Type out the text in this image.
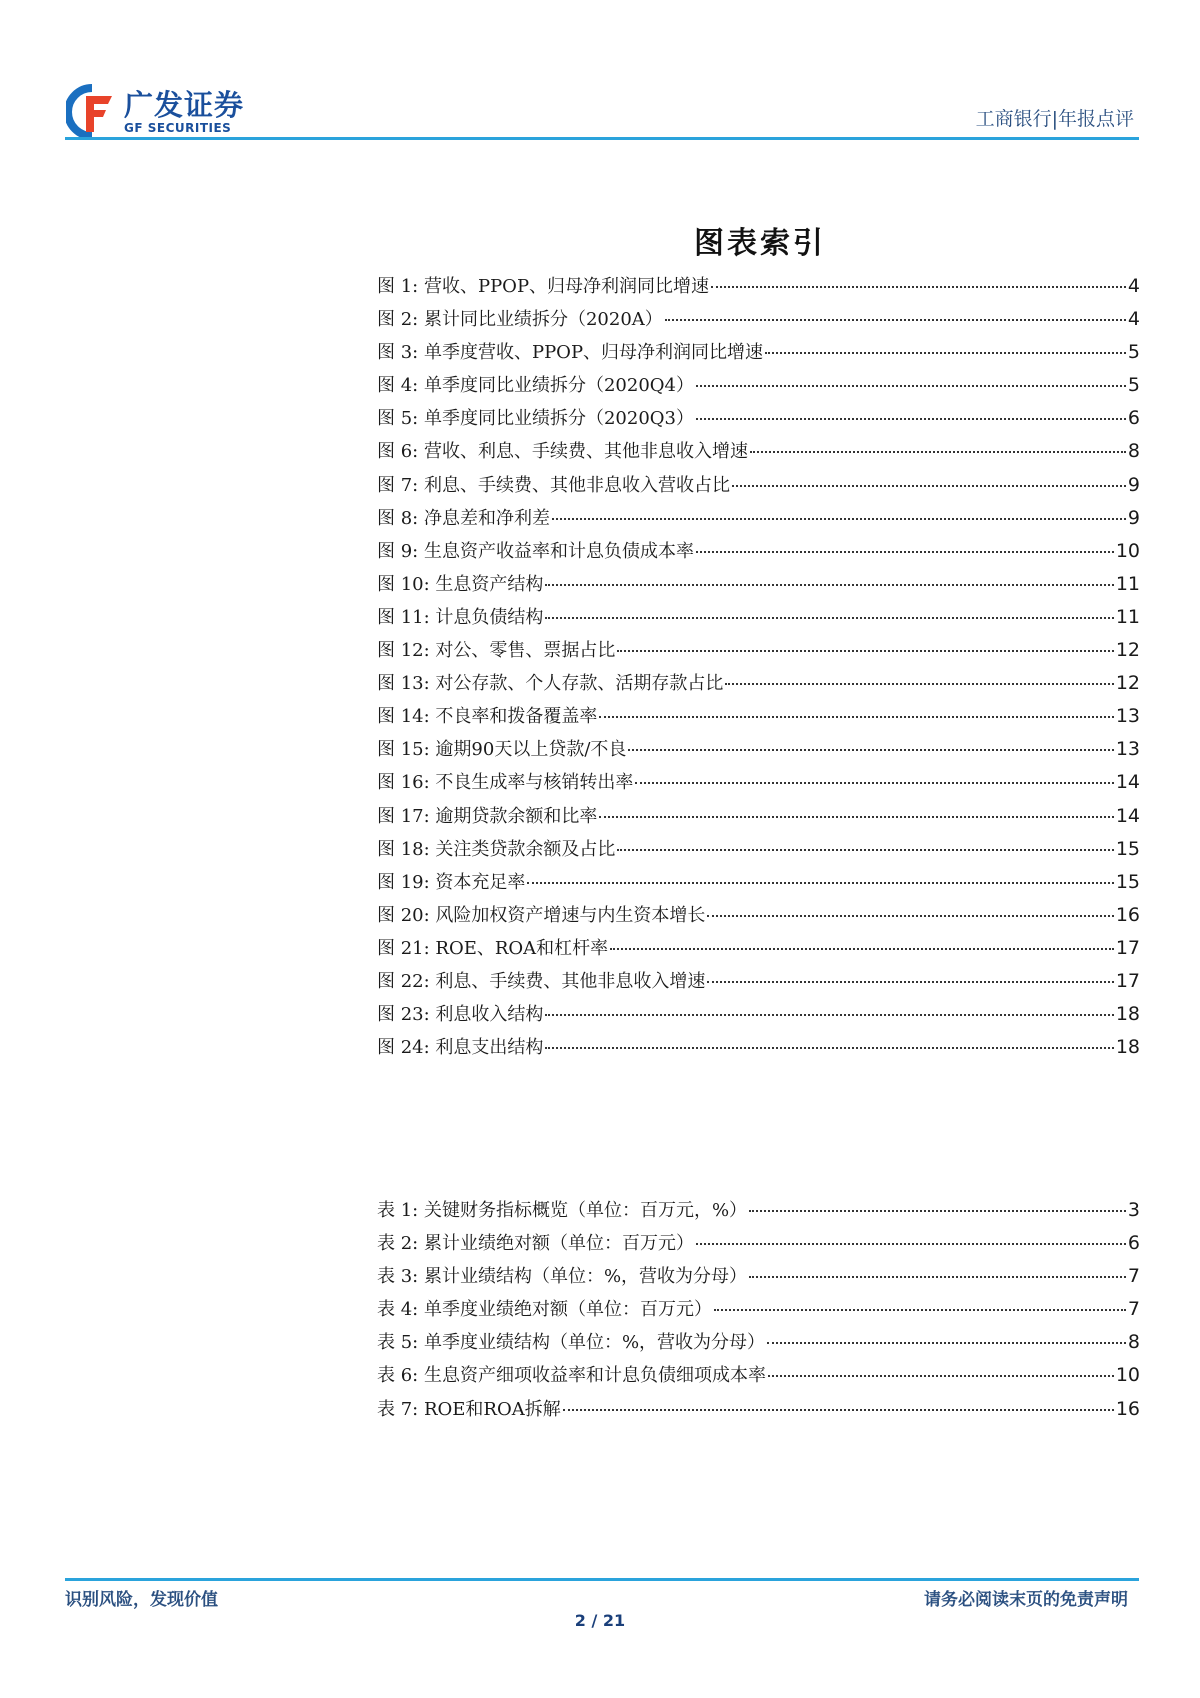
广发证券
GF SECURITIES	工商银行|年报点评
图表索引
图 1: 营收、PPOP、归母净利润同比增速	4
图 2: 累计同比业绩拆分（2020A）	4
图 3: 单季度营收、PPOP、归母净利润同比增速	5
图 4: 单季度同比业绩拆分（2020Q4）	5
图 5: 单季度同比业绩拆分（2020Q3）	6
图 6: 营收、利息、手续费、其他非息收入增速	8
图 7: 利息、手续费、其他非息收入营收占比	9
图 8: 净息差和净利差	9
图 9: 生息资产收益率和计息负债成本率	10
图 10: 生息资产结构	11
图 11: 计息负债结构	11
图 12: 对公、零售、票据占比	12
图 13: 对公存款、个人存款、活期存款占比	12
图 14: 不良率和拨备覆盖率	13
图 15: 逾期90天以上贷款/不良	13
图 16: 不良生成率与核销转出率	14
图 17: 逾期贷款余额和比率	14
图 18: 关注类贷款余额及占比	15
图 19: 资本充足率	15
图 20: 风险加权资产增速与内生资本增长	16
图 21: ROE、ROA和杠杆率	17
图 22: 利息、手续费、其他非息收入增速	17
图 23: 利息收入结构	18
图 24: 利息支出结构	18
表 1: 关键财务指标概览（单位：百万元，%）	3
表 2: 累计业绩绝对额（单位：百万元）	6
表 3: 累计业绩结构（单位：%，营收为分母）	7
表 4: 单季度业绩绝对额（单位：百万元）	7
表 5: 单季度业绩结构（单位：%，营收为分母）	8
表 6: 生息资产细项收益率和计息负债细项成本率	10
表 7: ROE和ROA拆解	16
识别风险，发现价值	请务必阅读末页的免责声明
2 / 21
